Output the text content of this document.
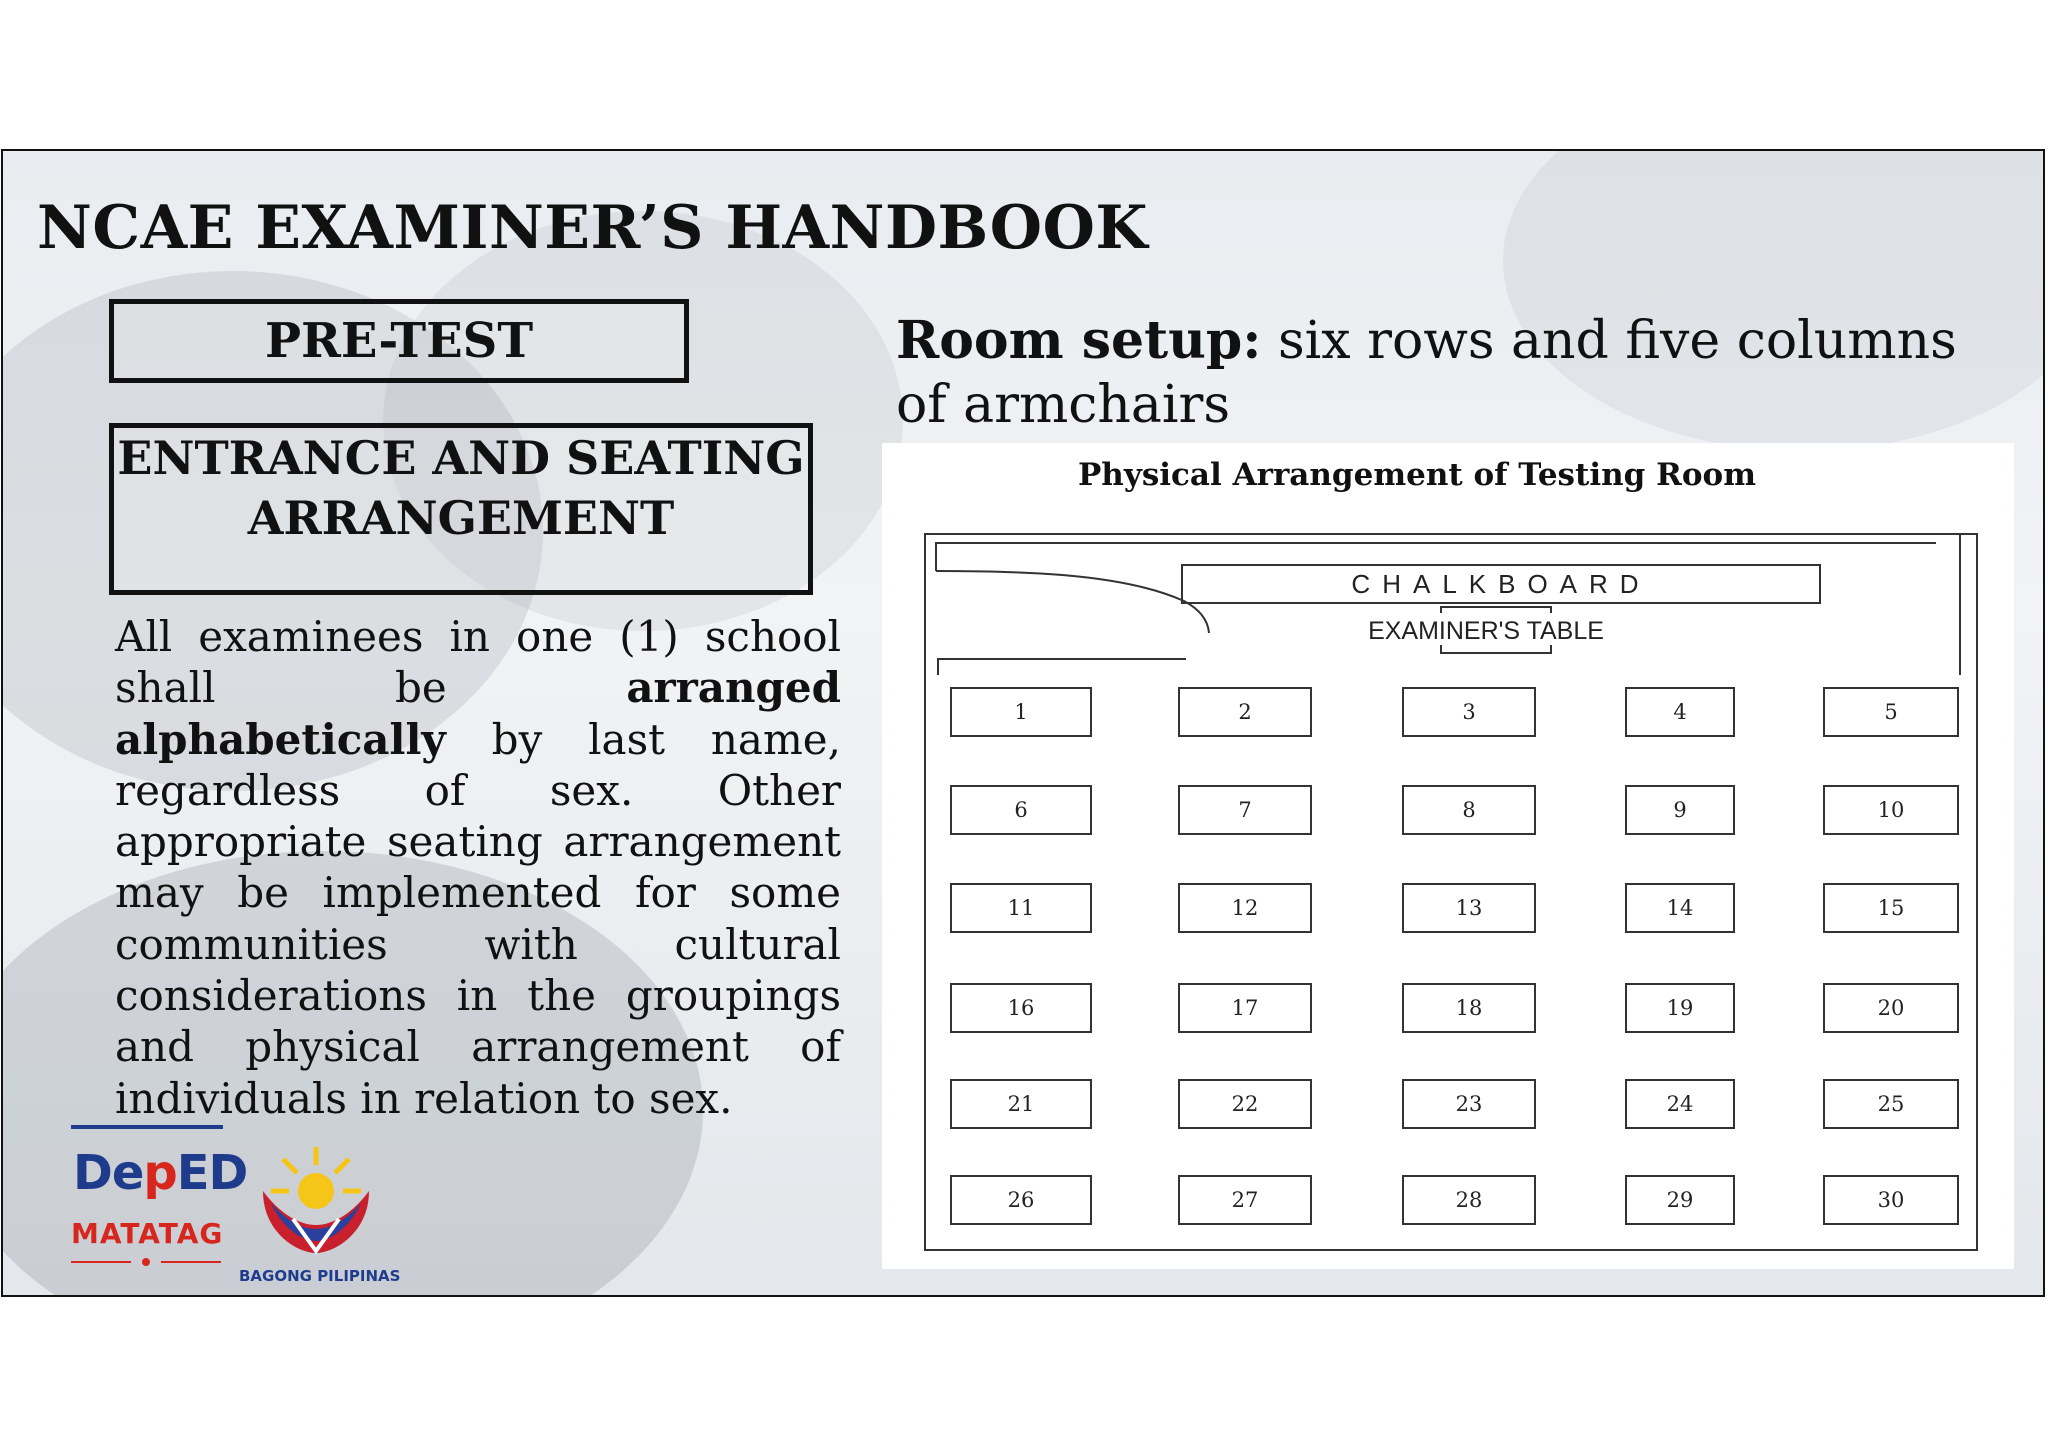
NCAE EXAMINER’S HANDBOOK
PRE-TEST
ENTRANCE AND SEATING ARRANGEMENT

All examinees in one (1) school shall be arranged alphabetically by last name, regardless of sex. Other appropriate seating arrangement may be implemented for some communities with cultural considerations in the groupings and physical arrangement of individuals in relation to sex.

Room setup: six rows and five columns of armchairs

Physical Arrangement of Testing Room
CHALKBOARD
EXAMINER'S TABLE
1	2	3	4	5
6	7	8	9	10
11	12	13	14	15
16	17	18	19	20
21	22	23	24	25
26	27	28	29	30
DepED
MATATAG
BAGONG PILIPINAS
